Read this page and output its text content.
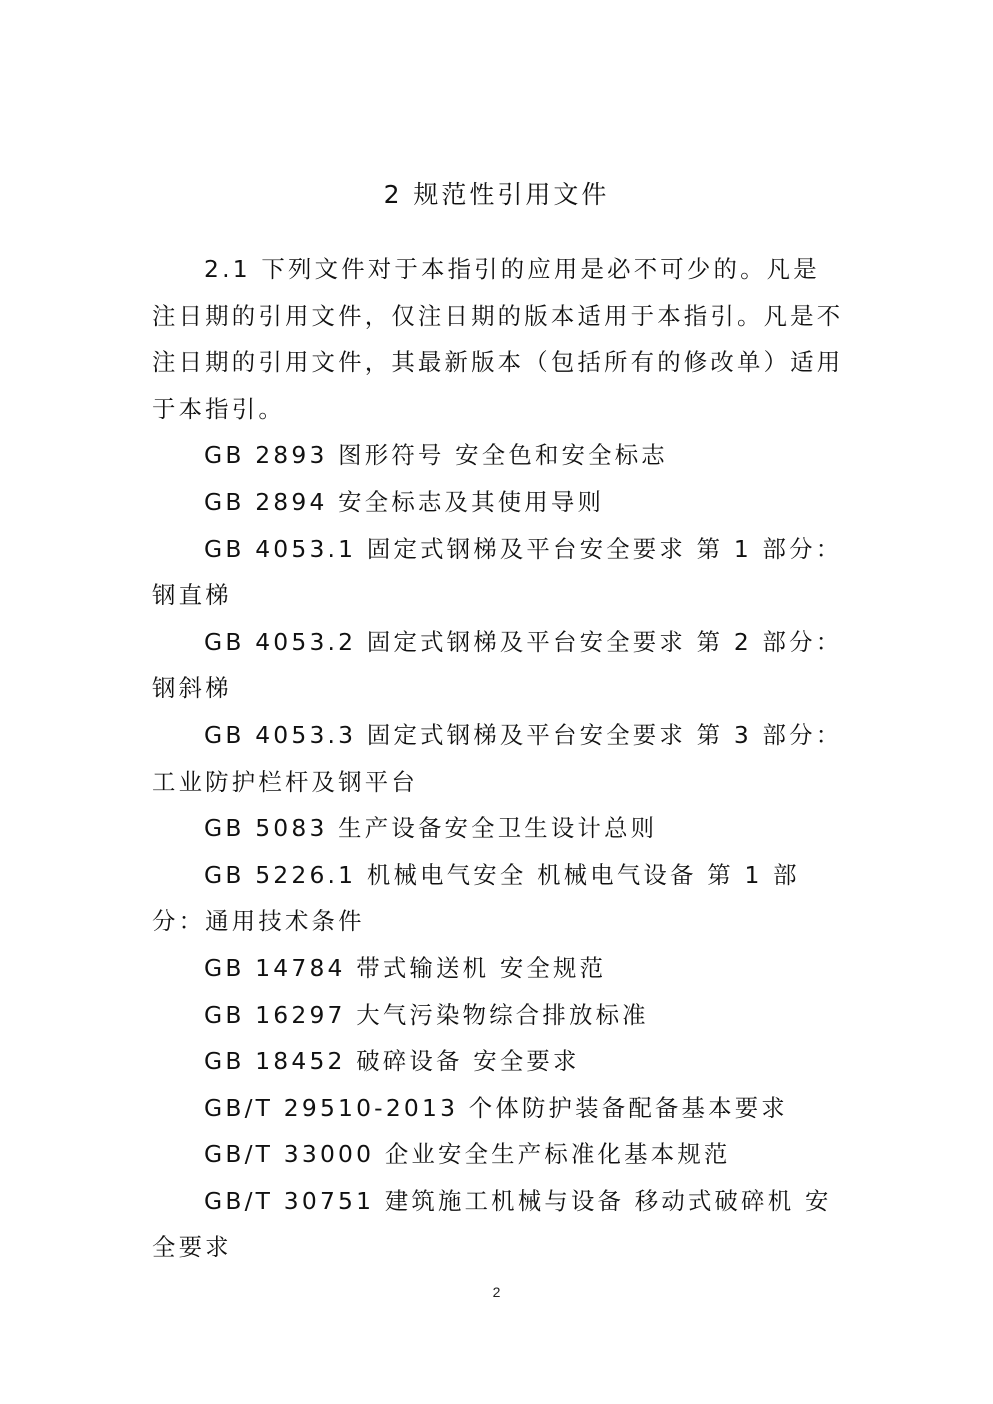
2 规范性引用文件

2.1 下列文件对于本指引的应用是必不可少的。凡是注日期的引用文件，仅注日期的版本适用于本指引。凡是不注日期的引用文件，其最新版本（包括所有的修改单）适用于本指引。

GB 2893 图形符号 安全色和安全标志
GB 2894 安全标志及其使用导则
GB 4053.1 固定式钢梯及平台安全要求 第 1 部分：钢直梯
GB 4053.2 固定式钢梯及平台安全要求 第 2 部分：钢斜梯
GB 4053.3 固定式钢梯及平台安全要求 第 3 部分：工业防护栏杆及钢平台
GB 5083 生产设备安全卫生设计总则
GB 5226.1 机械电气安全 机械电气设备 第 1 部分：通用技术条件
GB 14784 带式输送机 安全规范
GB 16297 大气污染物综合排放标准
GB 18452 破碎设备 安全要求
GB/T 29510-2013 个体防护装备配备基本要求
GB/T 33000 企业安全生产标准化基本规范
GB/T 30751 建筑施工机械与设备 移动式破碎机 安全要求
2
